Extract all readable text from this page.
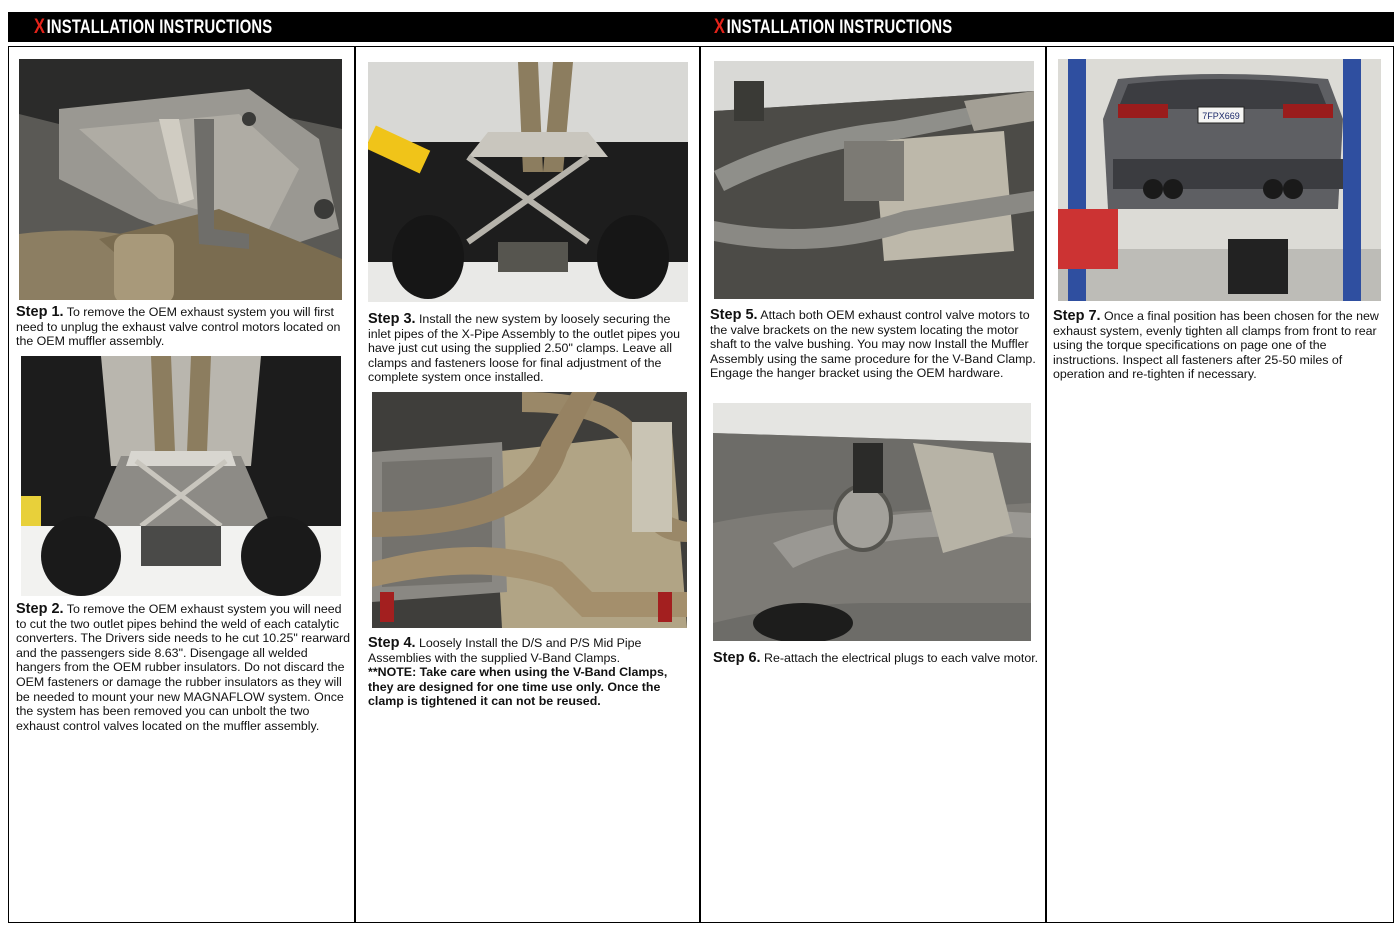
XINSTALLATION INSTRUCTIONS	XINSTALLATION INSTRUCTIONS
Step 1. To remove the OEM exhaust system you will first need to unplug the exhaust valve control motors located on the OEM muffler assembly.
Step 2. To remove the OEM exhaust system you will need to cut the two outlet pipes behind the weld of each catalytic converters. The Drivers side needs to he cut 10.25" rearward and the passengers side 8.63". Disengage all welded hangers from the OEM rubber insulators. Do not discard the OEM fasteners or damage the rubber insulators as they will be needed to mount your new MAGNAFLOW system. Once the system has been removed you can unbolt the two exhaust control valves located on the muffler assembly.
Step 3. Install the new system by loosely securing the inlet pipes of the X-Pipe Assembly to the outlet pipes you have just cut using the supplied 2.50" clamps. Leave all clamps and fasteners loose for final adjustment of the complete system once installed.
Step 4. Loosely Install the D/S and P/S Mid Pipe Assemblies with the supplied V-Band Clamps.
**NOTE: Take care when using the V-Band Clamps, they are designed for one time use only. Once the clamp is tightened it can not be reused.
Step 5. Attach both OEM exhaust control valve motors to the valve brackets on the new system locating the motor shaft to the valve bushing. You may now Install the Muffler Assembly using the same procedure for the V-Band Clamp. Engage the hanger bracket using the OEM hardware.
Step 6. Re-attach the electrical plugs to each valve motor.
7FPX669
Step 7. Once a final position has been chosen for the new exhaust system, evenly tighten all clamps from front to rear using the torque specifications on page one of the instructions. Inspect all fasteners after 25-50 miles of operation and re-tighten if necessary.
